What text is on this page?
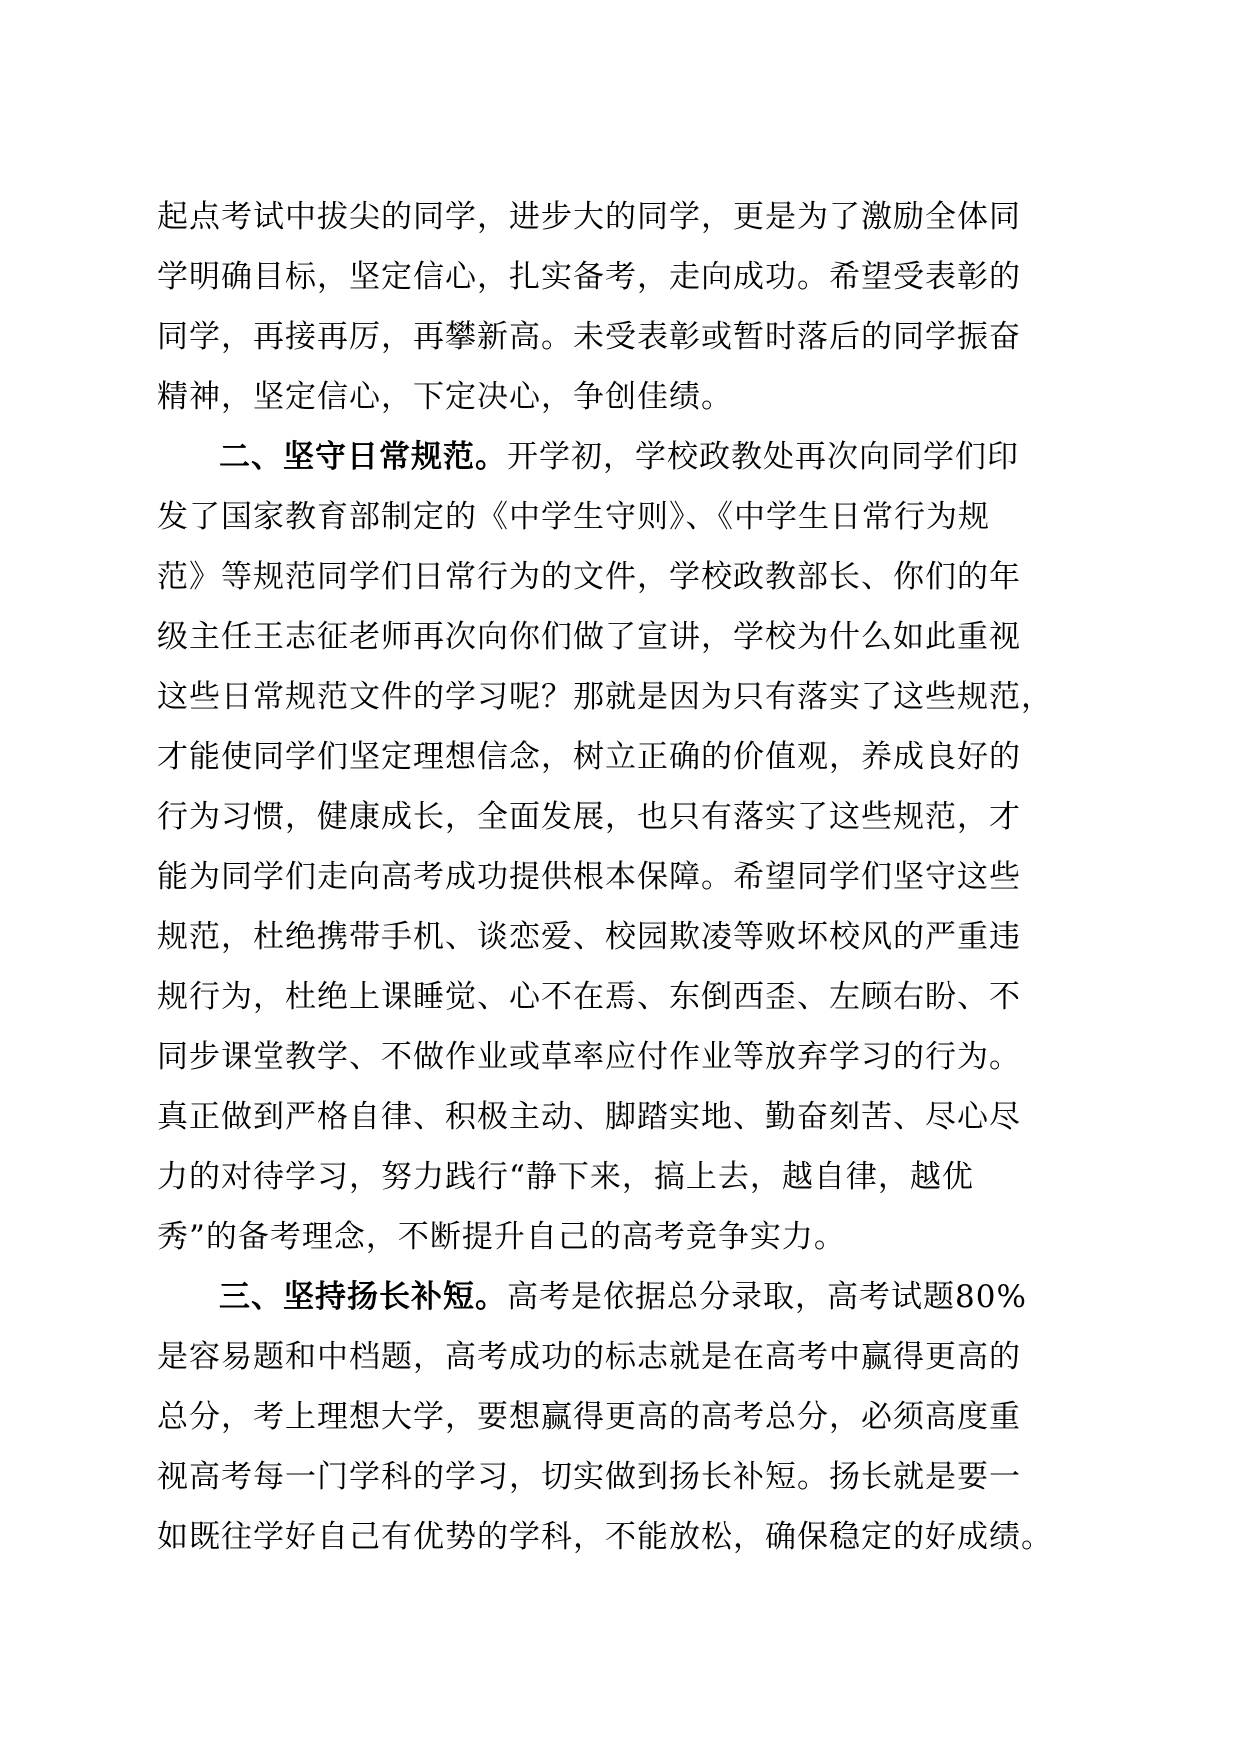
起点考试中拔尖的同学，进步大的同学，更是为了激励全体同
学明确目标，坚定信心，扎实备考，走向成功。希望受表彰的
同学，再接再厉，再攀新高。未受表彰或暂时落后的同学振奋
精神，坚定信心，下定决心，争创佳绩。
二、坚守日常规范。开学初，学校政教处再次向同学们印
发了国家教育部制定的《中学生守则》、《中学生日常行为规
范》等规范同学们日常行为的文件，学校政教部长、你们的年
级主任王志征老师再次向你们做了宣讲，学校为什么如此重视
这些日常规范文件的学习呢？那就是因为只有落实了这些规范，
才能使同学们坚定理想信念，树立正确的价值观，养成良好的
行为习惯，健康成长，全面发展，也只有落实了这些规范，才
能为同学们走向高考成功提供根本保障。希望同学们坚守这些
规范，杜绝携带手机、谈恋爱、校园欺凌等败坏校风的严重违
规行为，杜绝上课睡觉、心不在焉、东倒西歪、左顾右盼、不
同步课堂教学、不做作业或草率应付作业等放弃学习的行为。
真正做到严格自律、积极主动、脚踏实地、勤奋刻苦、尽心尽
力的对待学习，努力践行“静下来，搞上去，越自律，越优
秀”的备考理念，不断提升自己的高考竞争实力。
三、坚持扬长补短。高考是依据总分录取，高考试题80%
是容易题和中档题，高考成功的标志就是在高考中赢得更高的
总分，考上理想大学，要想赢得更高的高考总分，必须高度重
视高考每一门学科的学习，切实做到扬长补短。扬长就是要一
如既往学好自己有优势的学科，不能放松，确保稳定的好成绩。
